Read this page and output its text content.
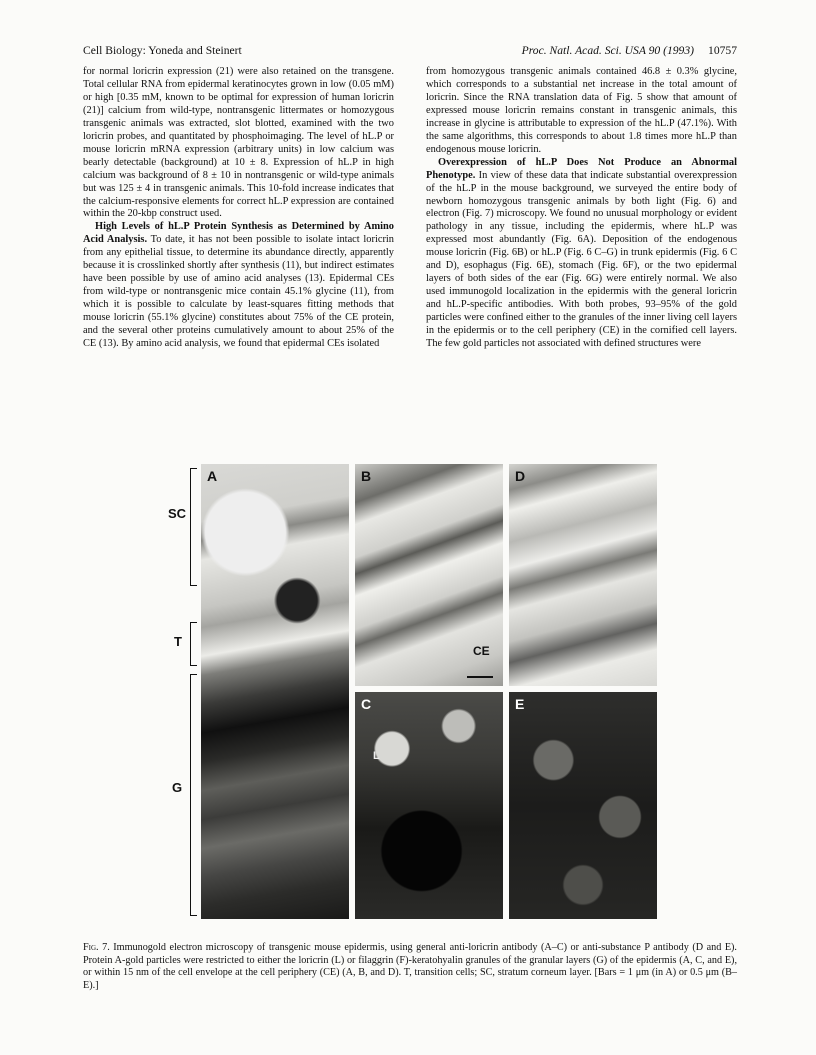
Cell Biology: Yoneda and Steinert	Proc. Natl. Acad. Sci. USA 90 (1993) 10757

for normal loricrin expression (21) were also retained on the transgene. Total cellular RNA from epidermal keratinocytes grown in low (0.05 mM) or high [0.35 mM, known to be optimal for expression of human loricrin (21)] calcium from wild-type, nontransgenic littermates or homozygous transgenic animals was extracted, slot blotted, examined with the two loricrin probes, and quantitated by phosphoimaging. The level of hL.P or mouse loricrin mRNA expression (arbitrary units) in low calcium was bearly detectable (background) at 10 ± 8. Expression of hL.P in high calcium was background of 8 ± 10 in nontransgenic or wild-type animals but was 125 ± 4 in transgenic animals. This 10-fold increase indicates that the calcium-responsive elements for correct hL.P expression are contained within the 20-kbp construct used.

High Levels of hL.P Protein Synthesis as Determined by Amino Acid Analysis. To date, it has not been possible to isolate intact loricrin from any epithelial tissue, to determine its abundance directly, apparently because it is crosslinked shortly after synthesis (11), but indirect estimates have been possible by use of amino acid analyses (13). Epidermal CEs from wild-type or nontransgenic mice contain 45.1% glycine (11), from which it is possible to calculate by least-squares fitting methods that mouse loricrin (55.1% glycine) constitutes about 75% of the CE protein, and the several other proteins cumulatively amount to about 25% of the CE (13). By amino acid analysis, we found that epidermal CEs isolated

from homozygous transgenic animals contained 46.8 ± 0.3% glycine, which corresponds to a substantial net increase in the total amount of loricrin. Since the RNA translation data of Fig. 5 show that amount of expressed mouse loricrin remains constant in transgenic animals, this increase in glycine is attributable to expression of the hL.P (47.1%). With the same algorithms, this corresponds to about 1.8 times more hL.P than endogenous mouse loricrin.

Overexpression of hL.P Does Not Produce an Abnormal Phenotype. In view of these data that indicate substantial overexpression of the hL.P in the mouse background, we surveyed the entire body of newborn homozygous transgenic animals by both light (Fig. 6) and electron (Fig. 7) microscopy. We found no unusual morphology or evident pathology in any tissue, including the epidermis, where hL.P was expressed most abundantly (Fig. 6A). Deposition of the endogenous mouse loricrin (Fig. 6B) or hL.P (Fig. 6 C–G) in trunk epidermis (Fig. 6 C and D), esophagus (Fig. 6E), stomach (Fig. 6F), or the two epidermal layers of both sides of the ear (Fig. 6G) were entirely normal. We also used immunogold localization in the epidermis with the general loricrin and hL.P-specific antibodies. With both probes, 93–95% of the gold particles were confined either to the granules of the inner living cell layers in the epidermis or to the cell periphery (CE) in the cornified cell layers. The few gold particles not associated with defined structures were

SC
T
G
A	B
CE
D
C
L
E
Fig. 7. Immunogold electron microscopy of transgenic mouse epidermis, using general anti-loricrin antibody (A–C) or anti-substance P antibody (D and E). Protein A-gold particles were restricted to either the loricrin (L) or filaggrin (F)-keratohyalin granules of the granular layers (G) of the epidermis (A, C, and E), or within 15 nm of the cell envelope at the cell periphery (CE) (A, B, and D). T, transition cells; SC, stratum corneum layer. [Bars = 1 μm (in A) or 0.5 μm (B–E).]
